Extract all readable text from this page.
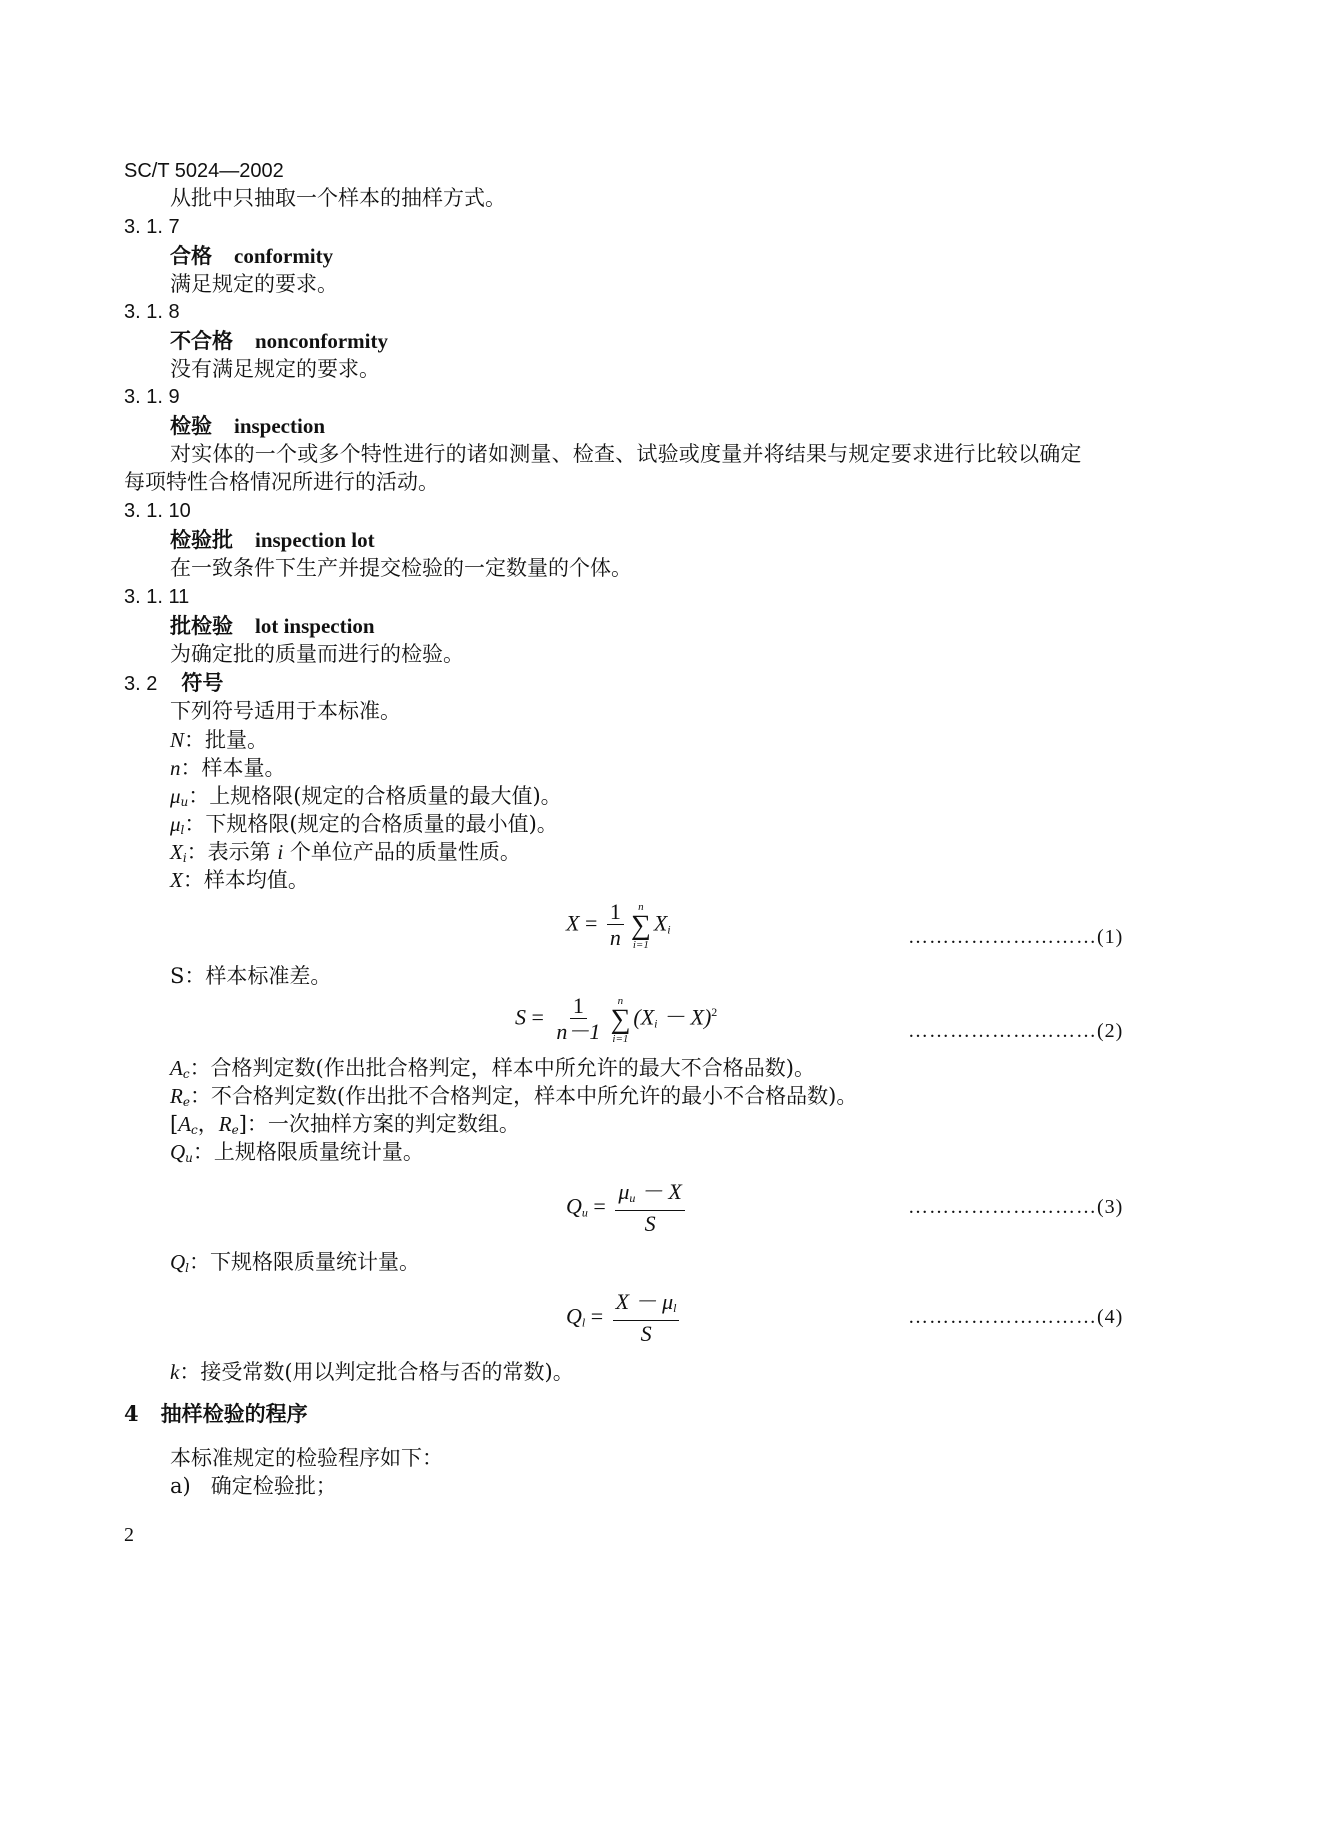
SC/T 5024—2002
从批中只抽取一个样本的抽样方式。
3. 1. 7
合格 conformity
满足规定的要求。
3. 1. 8
不合格 nonconformity
没有满足规定的要求。
3. 1. 9
检验 inspection
对实体的一个或多个特性进行的诸如测量、检查、试验或度量并将结果与规定要求进行比较以确定
每项特性合格情况所进行的活动。
3. 1. 10
检验批 inspection lot
在一致条件下生产并提交检验的一定数量的个体。
3. 1. 11
批检验 lot inspection
为确定批的质量而进行的检验。
3. 2 符号
下列符号适用于本标准。
N：批量。
n：样本量。
$\mu_u$：上规格限(规定的合格质量的最大值)。
$\mu_l$：下规格限(规定的合格质量的最小值)。
$X_i$：表示第 i 个单位产品的质量性质。
X：样本均值。
$X = \frac{1}{n}$ n
∑
i=1
$X_i$	………………………(1)
S：样本标准差。
$S = \frac{1}{n-1}$ n
∑
i=1
$(X_i - X)^2$
………………………(2)
$A_c$：合格判定数(作出批合格判定，样本中所允许的最大不合格品数)。
$R_e$：不合格判定数(作出批不合格判定，样本中所允许的最小不合格品数)。
[$A_c$，$R_e$]：一次抽样方案的判定数组。
$Q_u$：上规格限质量统计量。
$Q_u = \frac{\mu_u - X}{S}$	………………………(3)
$Q_l$：下规格限质量统计量。
$Q_l = \frac{X - \mu_l}{S}$	………………………(4)
k：接受常数(用以判定批合格与否的常数)。
4 抽样检验的程序
本标准规定的检验程序如下：
a) 确定检验批；
2
